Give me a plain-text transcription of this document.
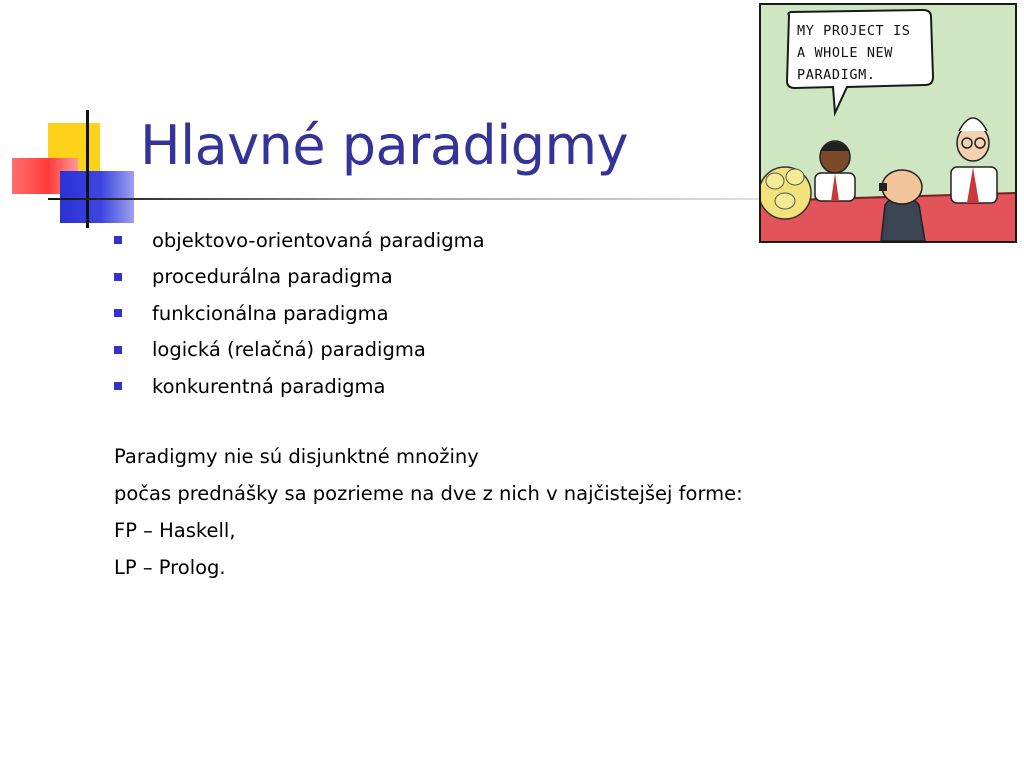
Hlavné paradigmy
objektovo-orientovaná paradigma
procedurálna paradigma
funkcionálna paradigma
logická (relačná) paradigma
konkurentná paradigma
Paradigmy nie sú disjunktné množiny
počas prednášky sa pozrieme na dve z nich v najčistejšej forme:
FP – Haskell,
LP – Prolog.
MY PROJECT IS
A WHOLE NEW
PARADIGM.
